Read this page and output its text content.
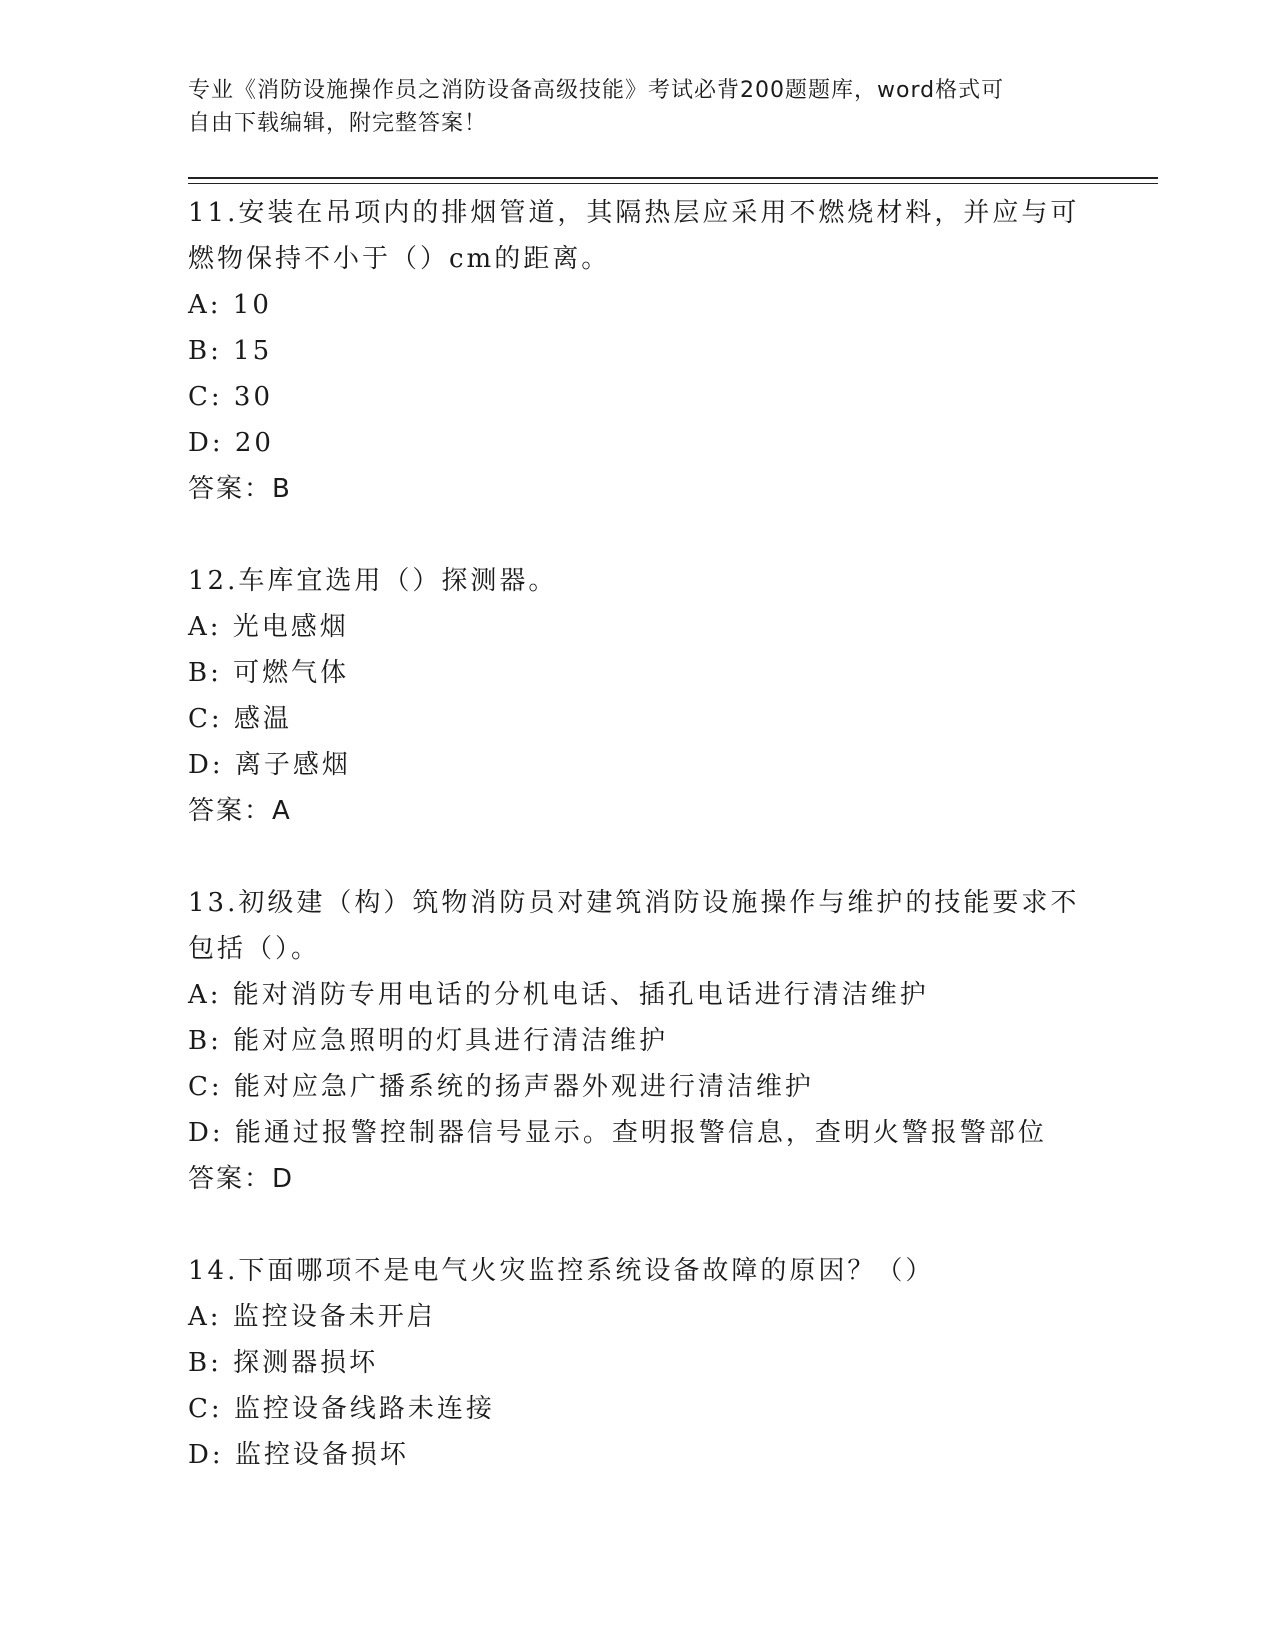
专业《消防设施操作员之消防设备高级技能》考试必背200题题库，word格式可
自由下载编辑，附完整答案！
11.安装在吊项内的排烟管道，其隔热层应采用不燃烧材料，并应与可
燃物保持不小于（）cm的距离。
A: 10
B: 15
C: 30
D: 20
答案：B
12.车库宜选用（）探测器。
A: 光电感烟
B: 可燃气体
C: 感温
D: 离子感烟
答案：A
13.初级建（构）筑物消防员对建筑消防设施操作与维护的技能要求不
包括（）。
A: 能对消防专用电话的分机电话、插孔电话进行清洁维护
B: 能对应急照明的灯具进行清洁维护
C: 能对应急广播系统的扬声器外观进行清洁维护
D: 能通过报警控制器信号显示。查明报警信息，查明火警报警部位
答案：D
14.下面哪项不是电气火灾监控系统设备故障的原因？（）
A: 监控设备未开启
B: 探测器损坏
C: 监控设备线路未连接
D: 监控设备损坏
